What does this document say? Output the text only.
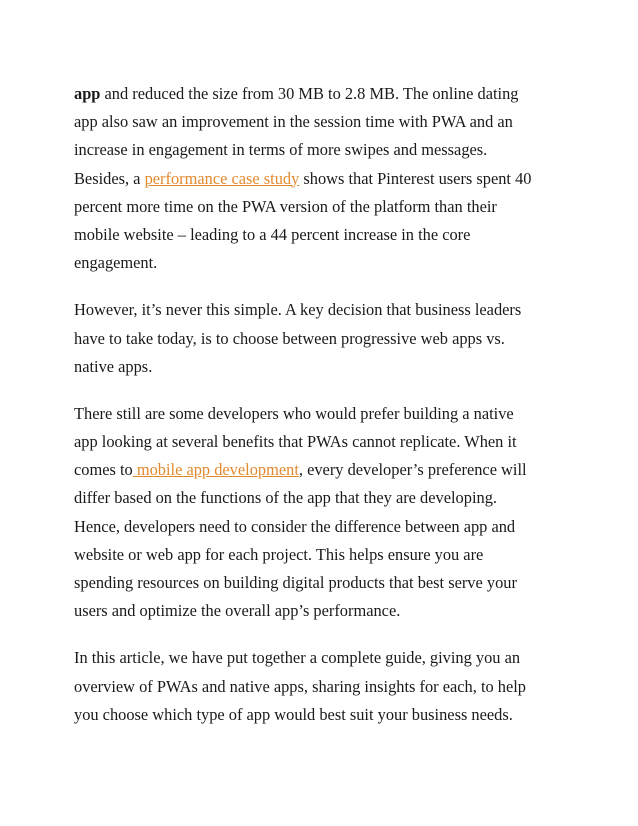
app and reduced the size from 30 MB to 2.8 MB. The online dating
app also saw an improvement in the session time with PWA and an
increase in engagement in terms of more swipes and messages.
Besides, a performance case study shows that Pinterest users spent 40
percent more time on the PWA version of the platform than their
mobile website – leading to a 44 percent increase in the core
engagement.
However, it’s never this simple. A key decision that business leaders
have to take today, is to choose between progressive web apps vs.
native apps.
There still are some developers who would prefer building a native
app looking at several benefits that PWAs cannot replicate. When it
comes to mobile app development, every developer’s preference will
differ based on the functions of the app that they are developing.
Hence, developers need to consider the difference between app and
website or web app for each project. This helps ensure you are
spending resources on building digital products that best serve your
users and optimize the overall app’s performance.
In this article, we have put together a complete guide, giving you an
overview of PWAs and native apps, sharing insights for each, to help
you choose which type of app would best suit your business needs.
